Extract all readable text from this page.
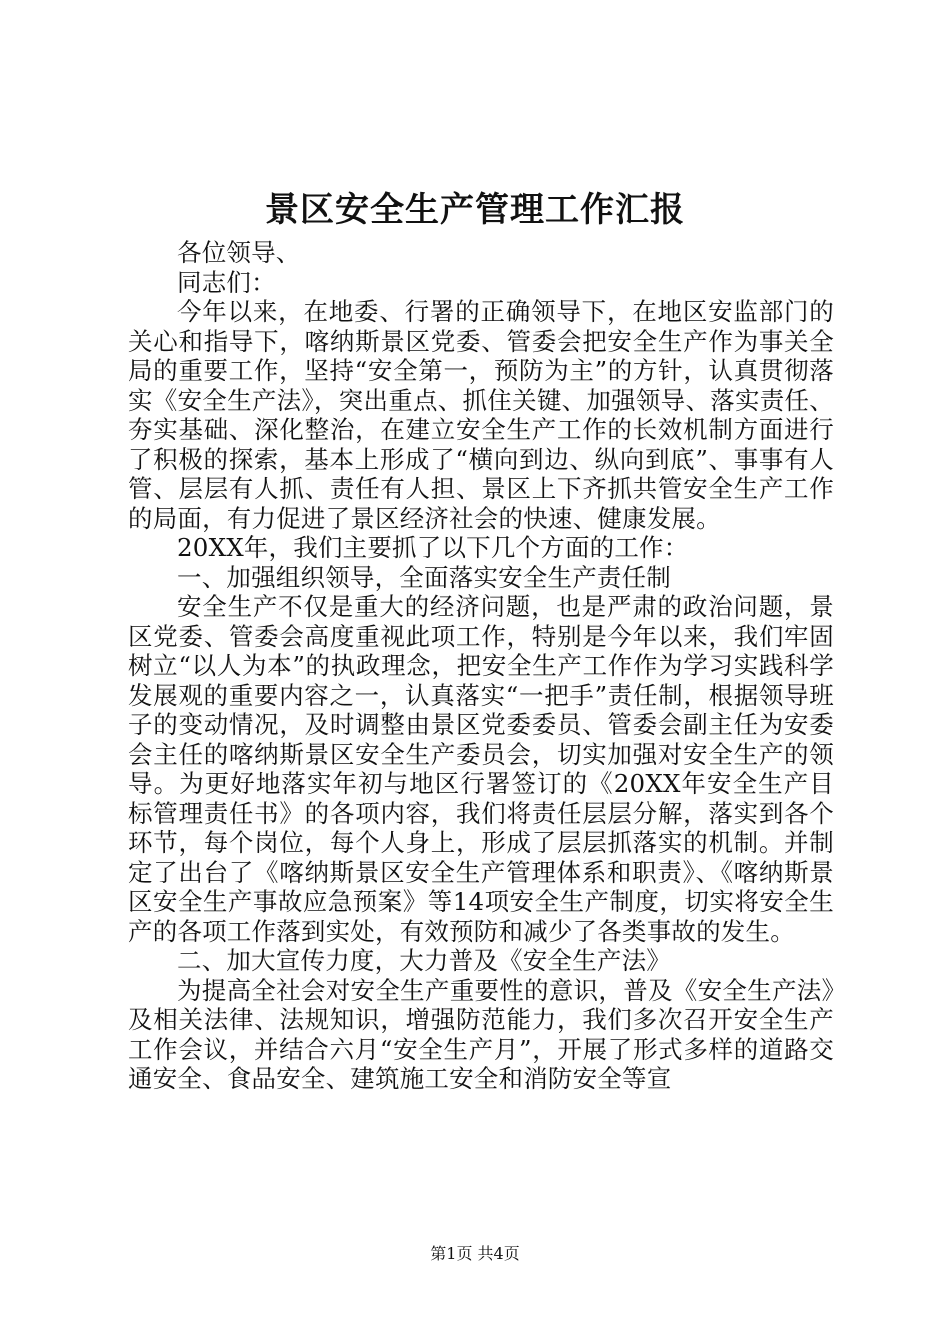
景区安全生产管理工作汇报

各位领导、

同志们：

今年以来，在地委、行署的正确领导下，在地区安监部门的关心和指导下，喀纳斯景区党委、管委会把安全生产作为事关全局的重要工作，坚持“安全第一，预防为主”的方针，认真贯彻落实《安全生产法》，突出重点、抓住关键、加强领导、落实责任、夯实基础、深化整治，在建立安全生产工作的长效机制方面进行了积极的探索，基本上形成了“横向到边、纵向到底”、事事有人管、层层有人抓、责任有人担、景区上下齐抓共管安全生产工作的局面，有力促进了景区经济社会的快速、健康发展。

20XX年，我们主要抓了以下几个方面的工作：

一、加强组织领导，全面落实安全生产责任制

安全生产不仅是重大的经济问题，也是严肃的政治问题，景区党委、管委会高度重视此项工作，特别是今年以来，我们牢固树立“以人为本”的执政理念，把安全生产工作作为学习实践科学发展观的重要内容之一，认真落实“一把手”责任制，根据领导班子的变动情况，及时调整由景区党委委员、管委会副主任为安委会主任的喀纳斯景区安全生产委员会，切实加强对安全生产的领导。为更好地落实年初与地区行署签订的《20XX年安全生产目标管理责任书》的各项内容，我们将责任层层分解，落实到各个环节，每个岗位，每个人身上，形成了层层抓落实的机制。并制定了出台了《喀纳斯景区安全生产管理体系和职责》、《喀纳斯景区安全生产事故应急预案》等14项安全生产制度，切实将安全生产的各项工作落到实处，有效预防和减少了各类事故的发生。

二、加大宣传力度，大力普及《安全生产法》

为提高全社会对安全生产重要性的意识，普及《安全生产法》及相关法律、法规知识，增强防范能力，我们多次召开安全生产工作会议，并结合六月“安全生产月”，开展了形式多样的道路交通安全、食品安全、建筑施工安全和消防安全等宣

第1页 共4页
